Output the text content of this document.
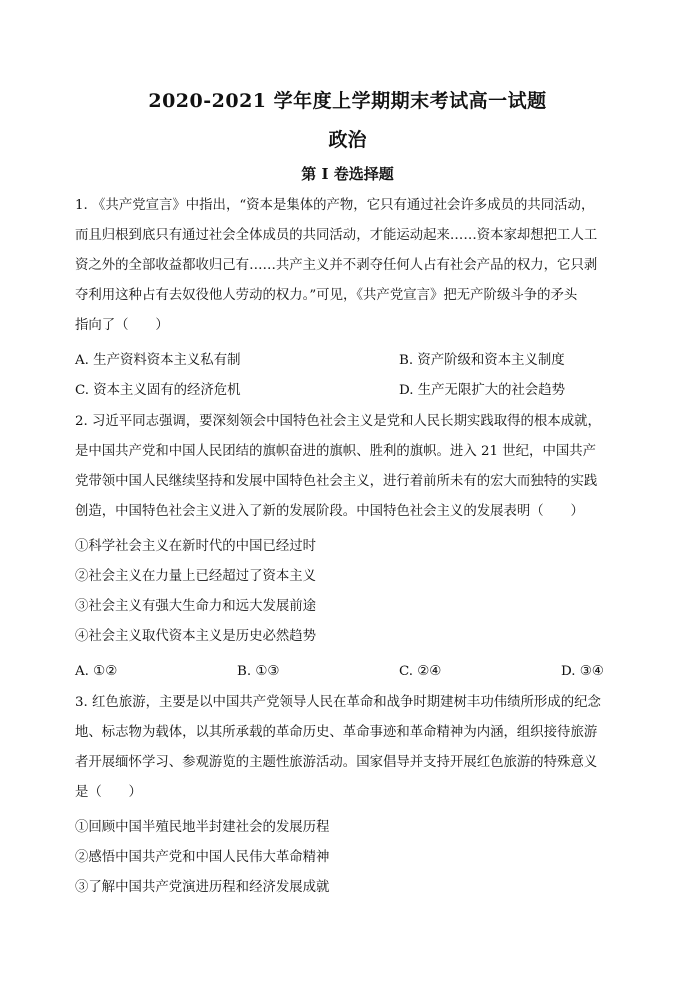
2020-2021 学年度上学期期末考试高一试题
政治
第 I 卷选择题
1. 《共产党宣言》中指出，“资本是集体的产物，它只有通过社会许多成员的共同活动，
而且归根到底只有通过社会全体成员的共同活动，才能运动起来……资本家却想把工人工
资之外的全部收益都收归己有……共产主义并不剥夺任何人占有社会产品的权力，它只剥
夺利用这种占有去奴役他人劳动的权力。”可见，《共产党宣言》把无产阶级斗争的矛头
指向了（　　）
A. 生产资料资本主义私有制	B. 资产阶级和资本主义制度
C. 资本主义固有的经济危机	D. 生产无限扩大的社会趋势
2. 习近平同志强调，要深刻领会中国特色社会主义是党和人民长期实践取得的根本成就，
是中国共产党和中国人民团结的旗帜奋进的旗帜、胜利的旗帜。进入 21 世纪，中国共产
党带领中国人民继续坚持和发展中国特色社会主义，进行着前所未有的宏大而独特的实践
创造，中国特色社会主义进入了新的发展阶段。中国特色社会主义的发展表明（　　）
①科学社会主义在新时代的中国已经过时
②社会主义在力量上已经超过了资本主义
③社会主义有强大生命力和远大发展前途
④社会主义取代资本主义是历史必然趋势
A. ①②	B. ①③	C. ②④	D. ③④
3. 红色旅游，主要是以中国共产党领导人民在革命和战争时期建树丰功伟绩所形成的纪念
地、标志物为载体，以其所承载的革命历史、革命事迹和革命精神为内涵，组织接待旅游
者开展缅怀学习、参观游览的主题性旅游活动。国家倡导并支持开展红色旅游的特殊意义
是（　　）
①回顾中国半殖民地半封建社会的发展历程
②感悟中国共产党和中国人民伟大革命精神
③了解中国共产党演进历程和经济发展成就
